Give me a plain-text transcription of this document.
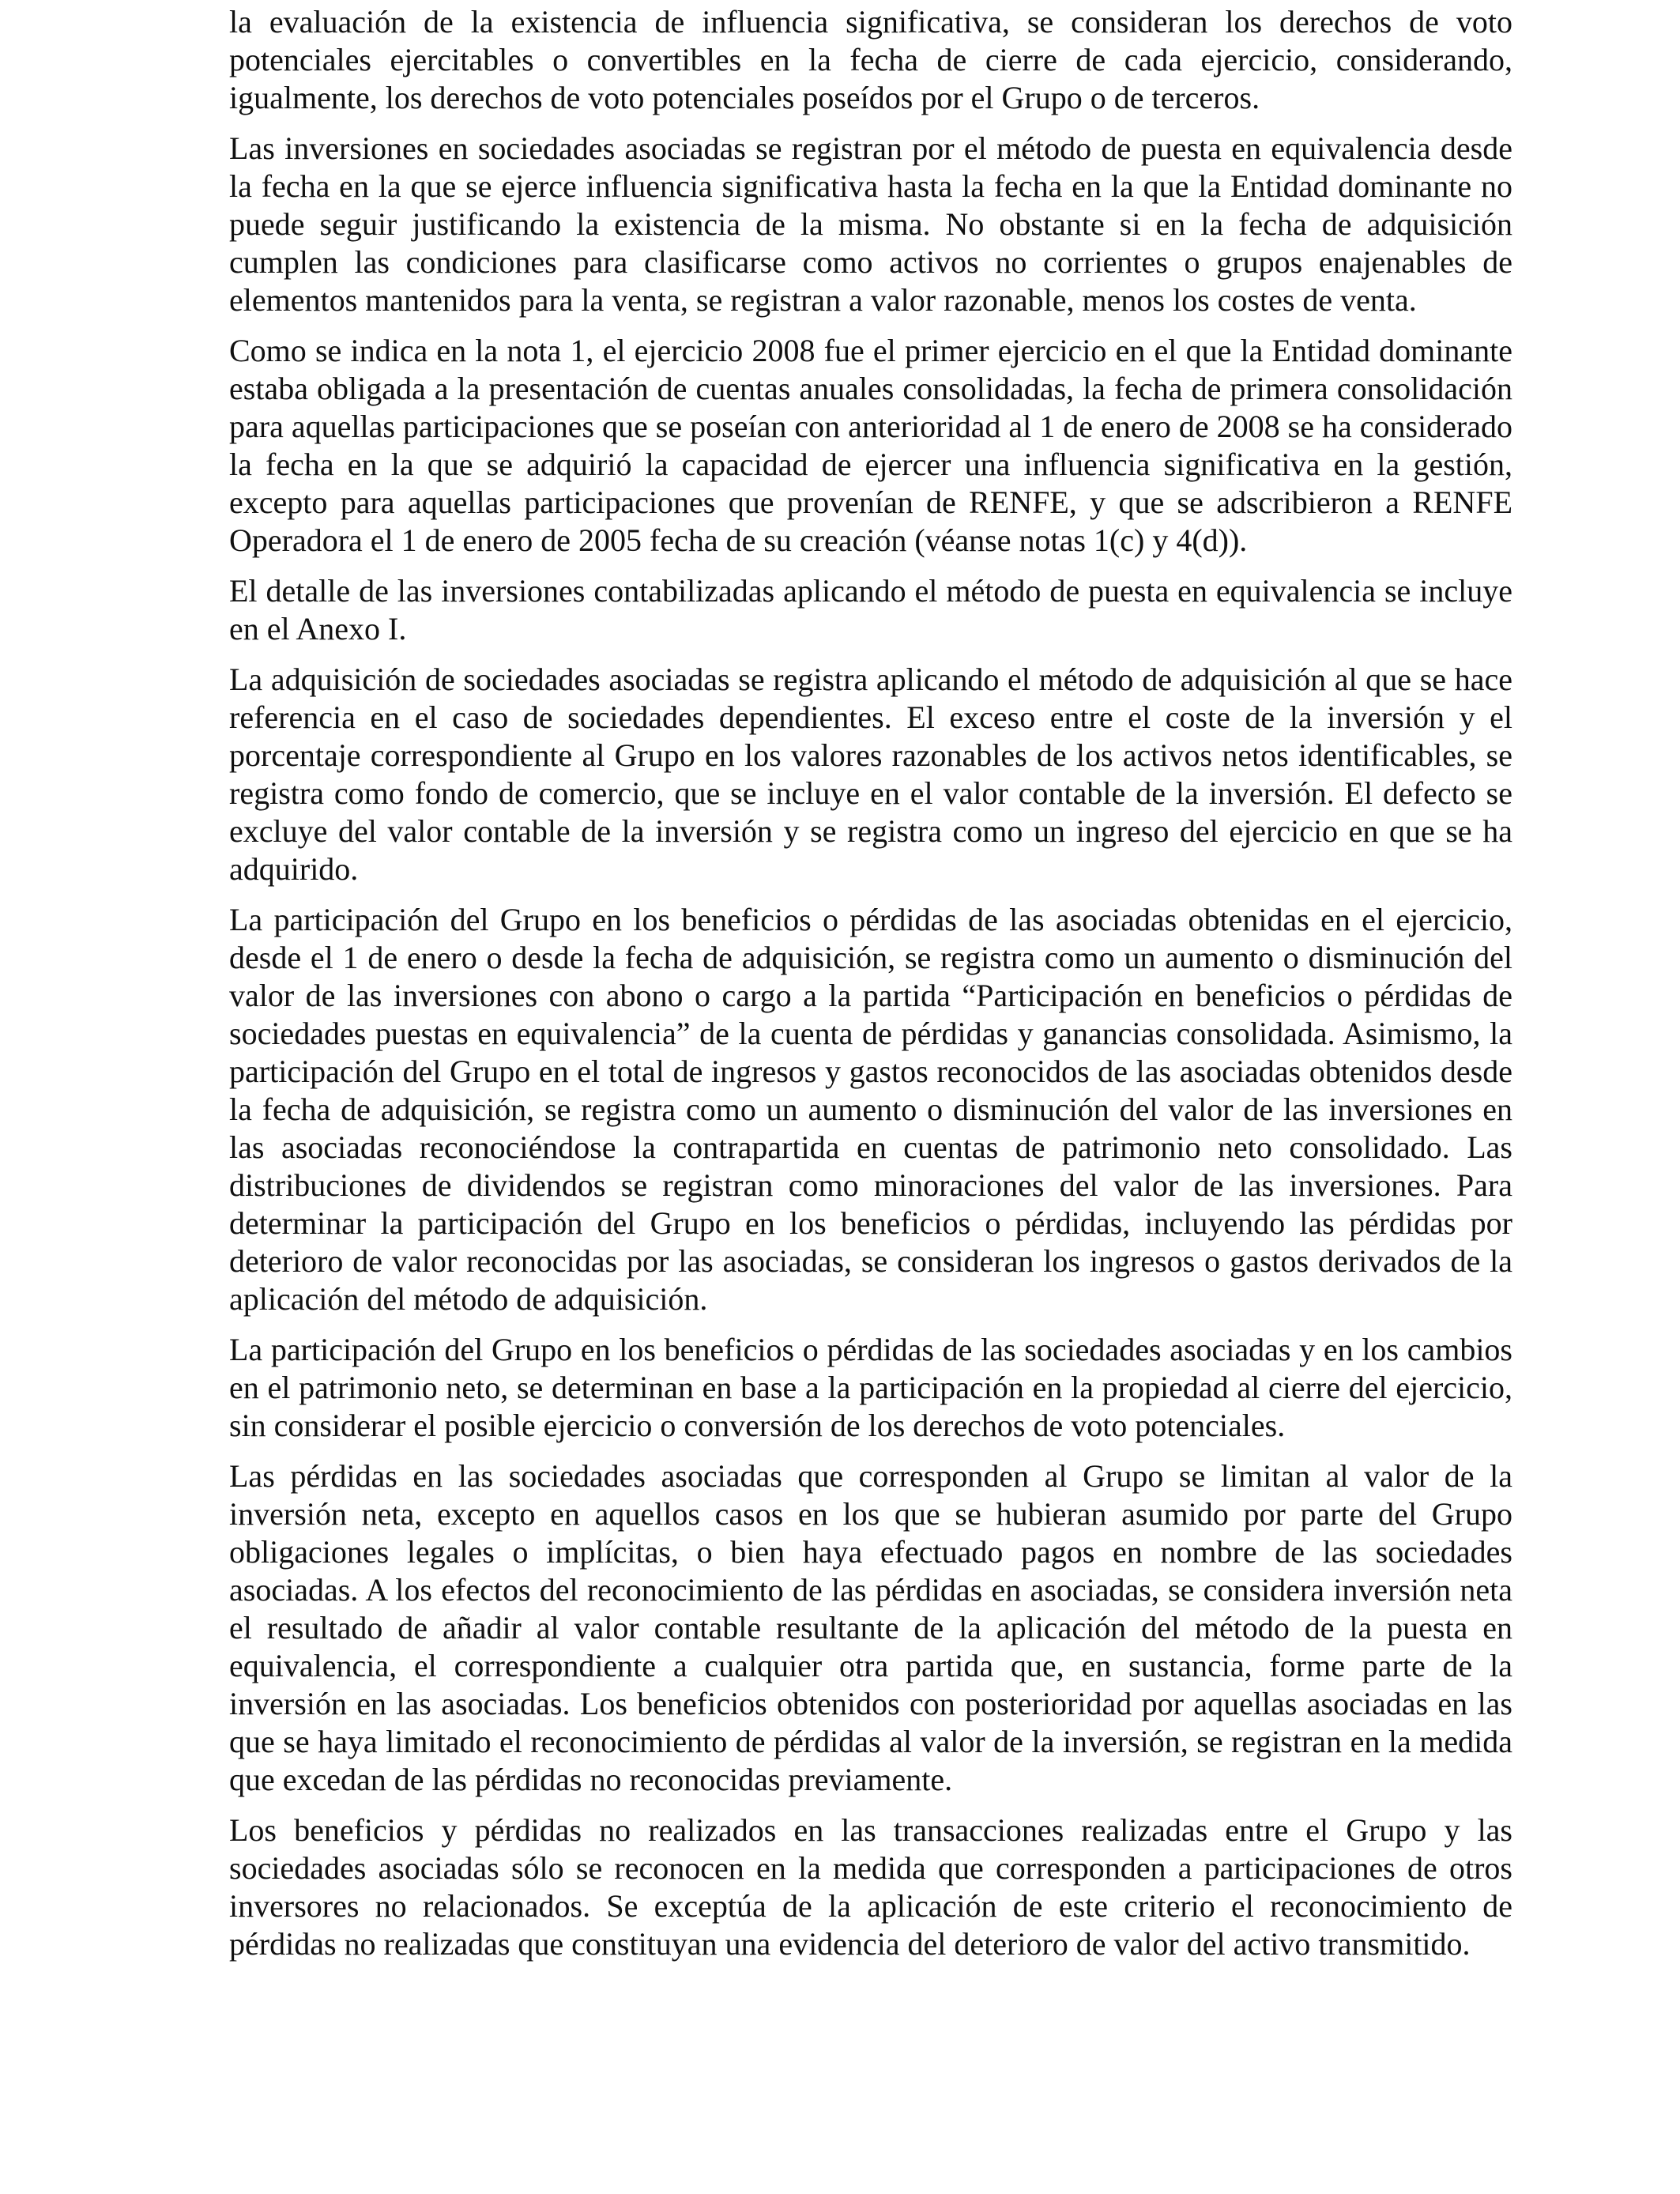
la evaluación de la existencia de influencia significativa, se consideran los derechos de voto potenciales ejercitables o convertibles en la fecha de cierre de cada ejercicio, considerando, igualmente, los derechos de voto potenciales poseídos por el Grupo o de terceros.

Las inversiones en sociedades asociadas se registran por el método de puesta en equivalencia desde la fecha en la que se ejerce influencia significativa hasta la fecha en la que la Entidad dominante no puede seguir justificando la existencia de la misma. No obstante si en la fecha de adquisición cumplen las condiciones para clasificarse como activos no corrientes o grupos enajenables de elementos mantenidos para la venta, se registran a valor razonable, menos los costes de venta.

Como se indica en la nota 1, el ejercicio 2008 fue el primer ejercicio en el que la Entidad dominante estaba obligada a la presentación de cuentas anuales consolidadas, la fecha de primera consolidación para aquellas participaciones que se poseían con anterioridad al 1 de enero de 2008 se ha considerado la fecha en la que se adquirió la capacidad de ejercer una influencia significativa en la gestión, excepto para aquellas participaciones que provenían de RENFE, y que se adscribieron a RENFE Operadora el 1 de enero de 2005 fecha de su creación (véanse notas 1(c) y 4(d)).

El detalle de las inversiones contabilizadas aplicando el método de puesta en equivalencia se incluye en el Anexo I.

La adquisición de sociedades asociadas se registra aplicando el método de adquisición al que se hace referencia en el caso de sociedades dependientes. El exceso entre el coste de la inversión y el porcentaje correspondiente al Grupo en los valores razonables de los activos netos identificables, se registra como fondo de comercio, que se incluye en el valor contable de la inversión. El defecto se excluye del valor contable de la inversión y se registra como un ingreso del ejercicio en que se ha adquirido.

La participación del Grupo en los beneficios o pérdidas de las asociadas obtenidas en el ejercicio, desde el 1 de enero o desde la fecha de adquisición, se registra como un aumento o disminución del valor de las inversiones con abono o cargo a la partida “Participación en beneficios o pérdidas de sociedades puestas en equivalencia” de la cuenta de pérdidas y ganancias consolidada. Asimismo, la participación del Grupo en el total de ingresos y gastos reconocidos de las asociadas obtenidos desde la fecha de adquisición, se registra como un aumento o disminución del valor de las inversiones en las asociadas reconociéndose la contrapartida en cuentas de patrimonio neto consolidado. Las distribuciones de dividendos se registran como minoraciones del valor de las inversiones. Para determinar la participación del Grupo en los beneficios o pérdidas, incluyendo las pérdidas por deterioro de valor reconocidas por las asociadas, se consideran los ingresos o gastos derivados de la aplicación del método de adquisición.

La participación del Grupo en los beneficios o pérdidas de las sociedades asociadas y en los cambios en el patrimonio neto, se determinan en base a la participación en la propiedad al cierre del ejercicio, sin considerar el posible ejercicio o conversión de los derechos de voto potenciales.

Las pérdidas en las sociedades asociadas que corresponden al Grupo se limitan al valor de la inversión neta, excepto en aquellos casos en los que se hubieran asumido por parte del Grupo obligaciones legales o implícitas, o bien haya efectuado pagos en nombre de las sociedades asociadas. A los efectos del reconocimiento de las pérdidas en asociadas, se considera inversión neta el resultado de añadir al valor contable resultante de la aplicación del método de la puesta en equivalencia, el correspondiente a cualquier otra partida que, en sustancia, forme parte de la inversión en las asociadas. Los beneficios obtenidos con posterioridad por aquellas asociadas en las que se haya limitado el reconocimiento de pérdidas al valor de la inversión, se registran en la medida que excedan de las pérdidas no reconocidas previamente.

Los beneficios y pérdidas no realizados en las transacciones realizadas entre el Grupo y las sociedades asociadas sólo se reconocen en la medida que corresponden a participaciones de otros inversores no relacionados. Se exceptúa de la aplicación de este criterio el reconocimiento de pérdidas no realizadas que constituyan una evidencia del deterioro de valor del activo transmitido.
